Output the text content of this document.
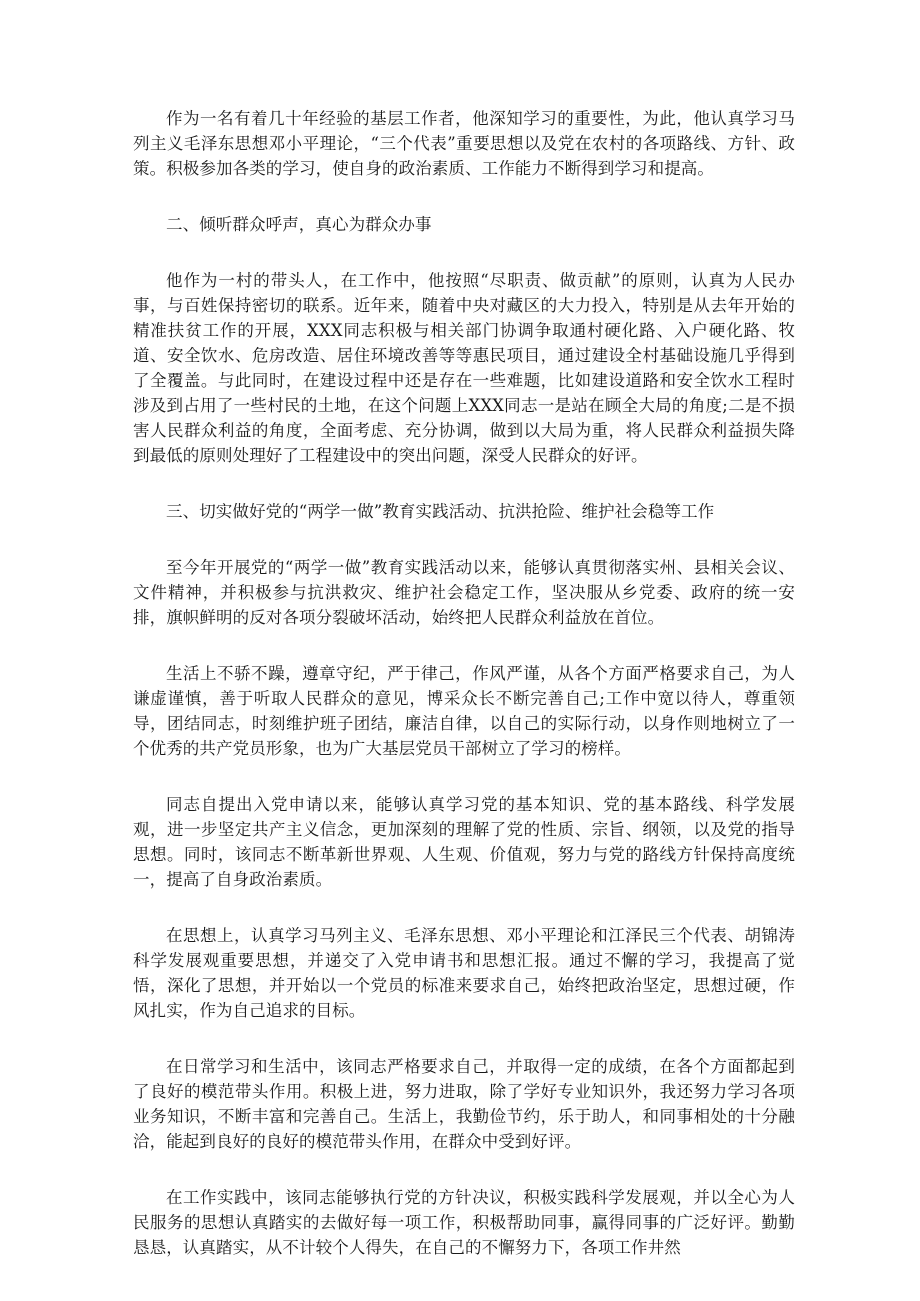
作为一名有着几十年经验的基层工作者，他深知学习的重要性，为此，他认真学习马列主义毛泽东思想邓小平理论，“三个代表”重要思想以及党在农村的各项路线、方针、政策。积极参加各类的学习，使自身的政治素质、工作能力不断得到学习和提高。

二、倾听群众呼声，真心为群众办事

他作为一村的带头人，在工作中，他按照“尽职责、做贡献”的原则，认真为人民办事，与百姓保持密切的联系。近年来，随着中央对藏区的大力投入，特别是从去年开始的精准扶贫工作的开展，XXX同志积极与相关部门协调争取通村硬化路、入户硬化路、牧道、安全饮水、危房改造、居住环境改善等等惠民项目，通过建设全村基础设施几乎得到了全覆盖。与此同时，在建设过程中还是存在一些难题，比如建设道路和安全饮水工程时涉及到占用了一些村民的土地，在这个问题上XXX同志一是站在顾全大局的角度;二是不损害人民群众利益的角度，全面考虑、充分协调，做到以大局为重，将人民群众利益损失降到最低的原则处理好了工程建设中的突出问题，深受人民群众的好评。

三、切实做好党的“两学一做”教育实践活动、抗洪抢险、维护社会稳等工作

至今年开展党的“两学一做”教育实践活动以来，能够认真贯彻落实州、县相关会议、文件精神，并积极参与抗洪救灾、维护社会稳定工作，坚决服从乡党委、政府的统一安排，旗帜鲜明的反对各项分裂破坏活动，始终把人民群众利益放在首位。

生活上不骄不躁，遵章守纪，严于律己，作风严谨，从各个方面严格要求自己，为人谦虚谨慎，善于听取人民群众的意见，博采众长不断完善自己;工作中宽以待人，尊重领导，团结同志，时刻维护班子团结，廉洁自律，以自己的实际行动，以身作则地树立了一个优秀的共产党员形象，也为广大基层党员干部树立了学习的榜样。

同志自提出入党申请以来，能够认真学习党的基本知识、党的基本路线、科学发展观，进一步坚定共产主义信念，更加深刻的理解了党的性质、宗旨、纲领，以及党的指导思想。同时，该同志不断革新世界观、人生观、价值观，努力与党的路线方针保持高度统一，提高了自身政治素质。

在思想上，认真学习马列主义、毛泽东思想、邓小平理论和江泽民三个代表、胡锦涛科学发展观重要思想，并递交了入党申请书和思想汇报。通过不懈的学习，我提高了觉悟，深化了思想，并开始以一个党员的标准来要求自己，始终把政治坚定，思想过硬，作风扎实，作为自己追求的目标。

在日常学习和生活中，该同志严格要求自己，并取得一定的成绩，在各个方面都起到了良好的模范带头作用。积极上进，努力进取，除了学好专业知识外，我还努力学习各项业务知识，不断丰富和完善自己。生活上，我勤俭节约，乐于助人，和同事相处的十分融洽，能起到良好的良好的模范带头作用，在群众中受到好评。

在工作实践中，该同志能够执行党的方针决议，积极实践科学发展观，并以全心为人民服务的思想认真踏实的去做好每一项工作，积极帮助同事，赢得同事的广泛好评。勤勤恳恳，认真踏实，从不计较个人得失，在自己的不懈努力下，各项工作井然
